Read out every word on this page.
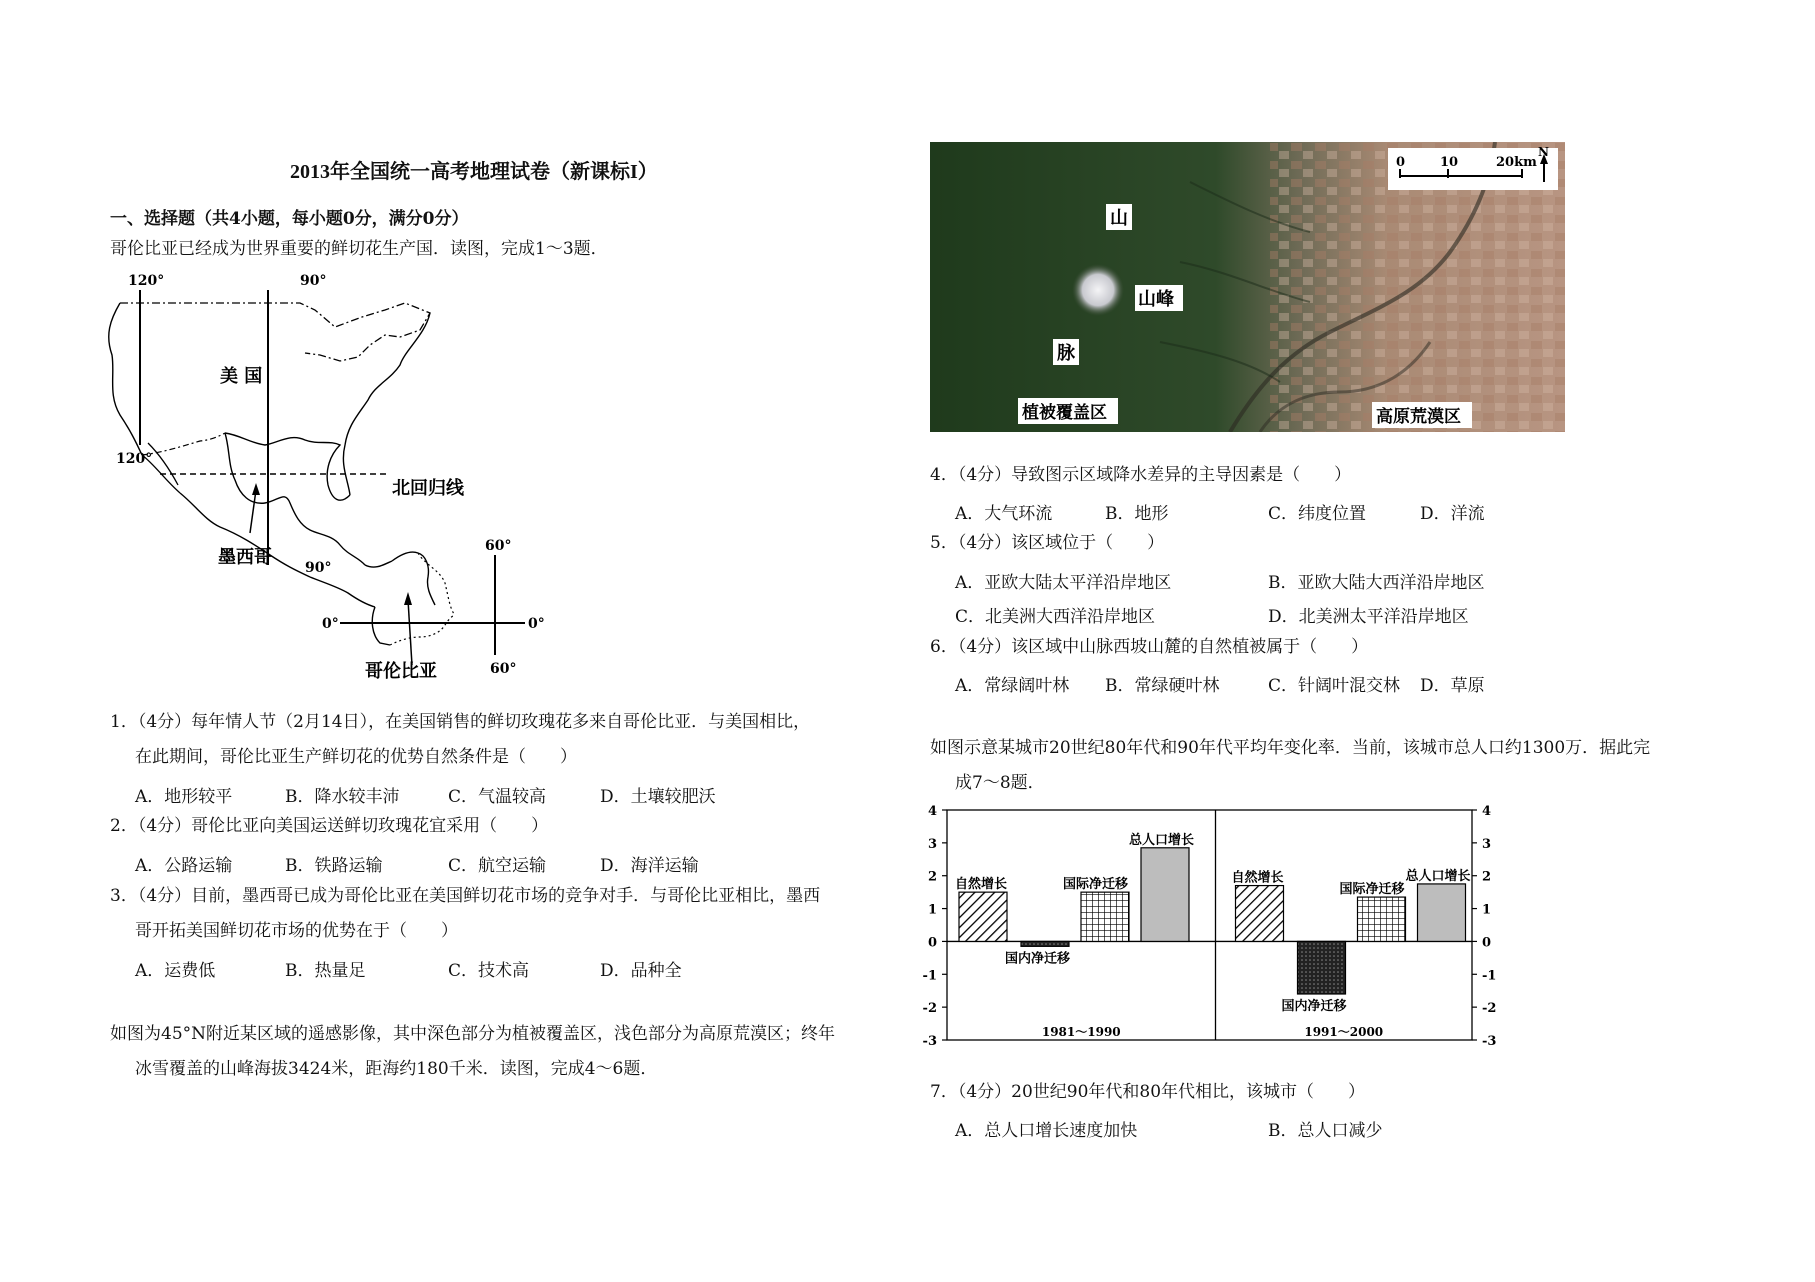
2013年全国统一高考地理试卷（新课标I）
一、选择题（共4小题，每小题0分，满分0分）
哥伦比亚已经成为世界重要的鲜切花生产国．读图，完成1～3题．
120°	90°
120°
美 国
北回归线
墨西哥 90°
60°
0°	0°
哥伦比亚	60°
1．（4分）每年情人节（2月14日），在美国销售的鲜切玫瑰花多来自哥伦比亚．与美国相比，
在此期间，哥伦比亚生产鲜切花的优势自然条件是（　　）
A．地形较平	B．降水较丰沛	C．气温较高	D．土壤较肥沃
2．（4分）哥伦比亚向美国运送鲜切玫瑰花宜采用（　　）
A．公路运输	B．铁路运输	C．航空运输	D．海洋运输
3．（4分）目前，墨西哥已成为哥伦比亚在美国鲜切花市场的竞争对手．与哥伦比亚相比，墨西
哥开拓美国鲜切花市场的优势在于（　　）
A．运费低	B．热量足	C．技术高	D．品种全
如图为45°N附近某区域的遥感影像，其中深色部分为植被覆盖区，浅色部分为高原荒漠区；终年
冰雪覆盖的山峰海拔3424米，距海约180千米．读图，完成4～6题．
0	10	20km
N
山
山峰
脉
植被覆盖区	高原荒漠区
4．（4分）导致图示区域降水差异的主导因素是（　　）
A．大气环流	B．地形	C．纬度位置	D．洋流
5．（4分）该区域位于（　　）
A．亚欧大陆太平洋沿岸地区	B．亚欧大陆大西洋沿岸地区
C．北美洲大西洋沿岸地区	D．北美洲太平洋沿岸地区
6．（4分）该区域中山脉西坡山麓的自然植被属于（　　）
A．常绿阔叶林 B．常绿硬叶林	C．针阔叶混交林 D．草原
如图示意某城市20世纪80年代和90年代平均年变化率．当前，该城市总人口约1300万．据此完
成7～8题．
4	4
3	3
2	2
1	1
0	0
-1	-1
-2	-2
-3	-3
自然增长
国内净迁移
国际净迁移
总人口增长
1981～1990
自然增长
国内净迁移
国际净迁移
总人口增长
1991～2000
7．（4分）20世纪90年代和80年代相比，该城市（　　）
A．总人口增长速度加快	B．总人口减少
